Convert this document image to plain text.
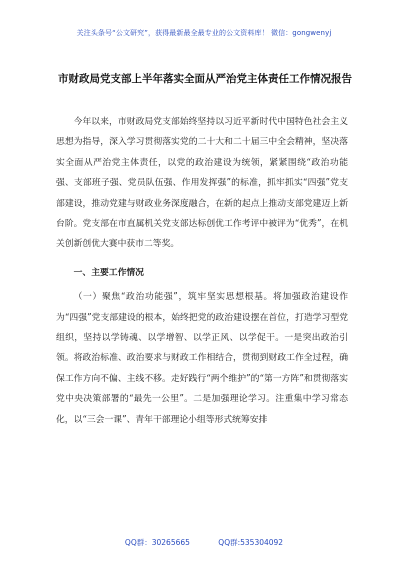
关注头条号“公文研究”，获得最新最全最专业的公文资料库！ 微信：gongwenyj
市财政局党支部上半年落实全面从严治党主体责任工作情况报告

今年以来，市财政局党支部始终坚持以习近平新时代中国特色社会主义思想为指导，深入学习贯彻落实党的二十大和二十届三中全会精神，坚决落实全面从严治党主体责任，以党的政治建设为统领，紧紧围绕“政治功能强、支部班子强、党员队伍强、作用发挥强”的标准，抓牢抓实“四强”党支部建设，推动党建与财政业务深度融合，在新的起点上推动支部党建迈上新台阶。党支部在市直属机关党支部达标创优工作考评中被评为“优秀”，在机关创新创优大赛中获市二等奖。

一、主要工作情况

（一）聚焦“政治功能强”，筑牢坚实思想根基。将加强政治建设作为“四强”党支部建设的根本，始终把党的政治建设摆在首位，打造学习型党组织，坚持以学铸魂、以学增智、以学正风、以学促干。一是突出政治引领。将政治标准、政治要求与财政工作相结合，贯彻到财政工作全过程，确保工作方向不偏、主线不移。走好践行“两个维护”的“第一方阵”和贯彻落实党中央决策部署的“最先一公里”。二是加强理论学习。注重集中学习常态化，以“三会一课”、青年干部理论小组等形式统筹安排

QQ群：30265665	QQ群:535304092
